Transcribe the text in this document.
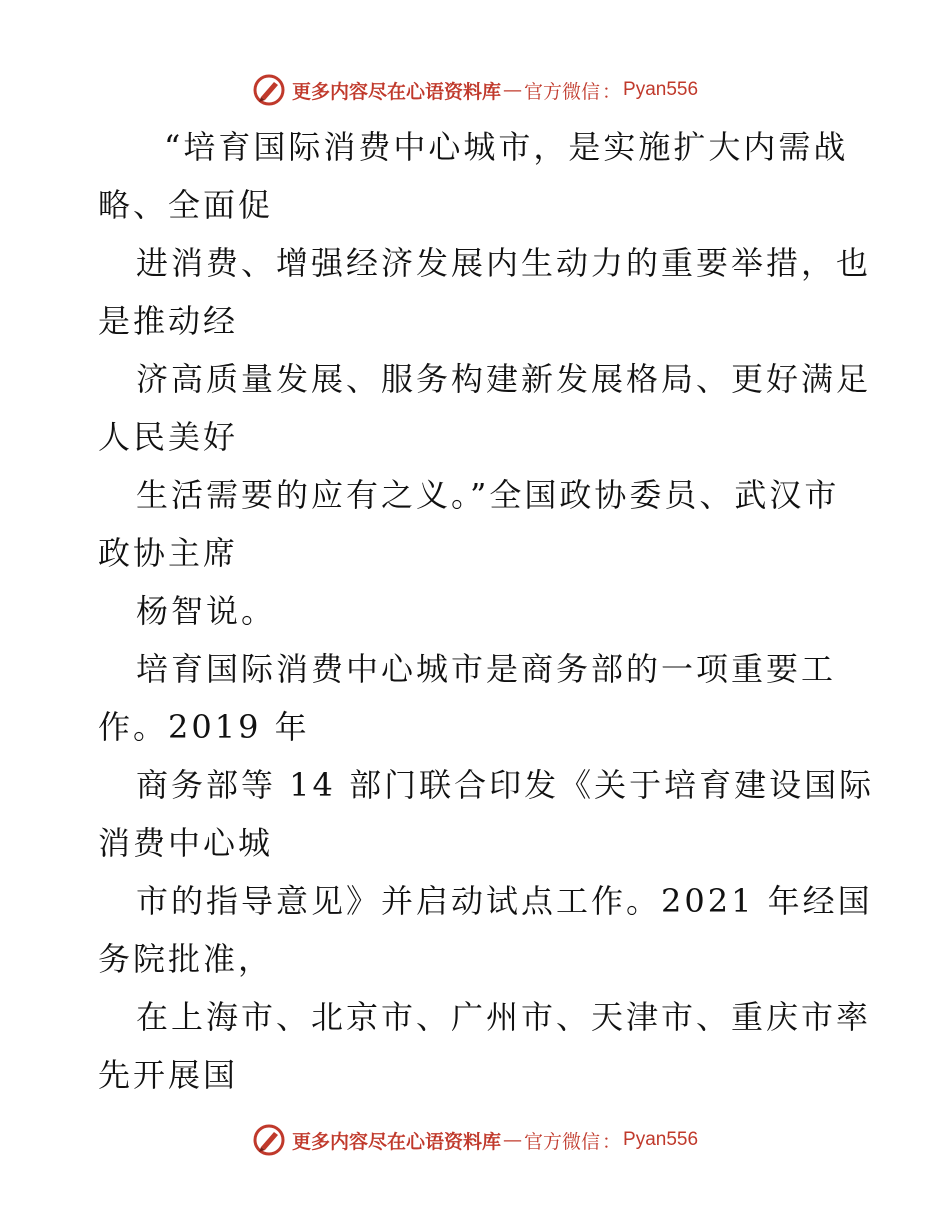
更多内容尽在心语资料库 — 官方微信 ： Pyan556
“培育国际消费中心城市，是实施扩大内需战
略、全面促
进消费、增强经济发展内生动力的重要举措，也
是推动经
济高质量发展、服务构建新发展格局、更好满足
人民美好
生活需要的应有之义。”全国政协委员、武汉市
政协主席
杨智说。
培育国际消费中心城市是商务部的一项重要工
作。2019 年
商务部等 14 部门联合印发《关于培育建设国际
消费中心城
市的指导意见》并启动试点工作。2021 年经国
务院批准，
在上海市、北京市、广州市、天津市、重庆市率
先开展国
更多内容尽在心语资料库 — 官方微信 ： Pyan556
